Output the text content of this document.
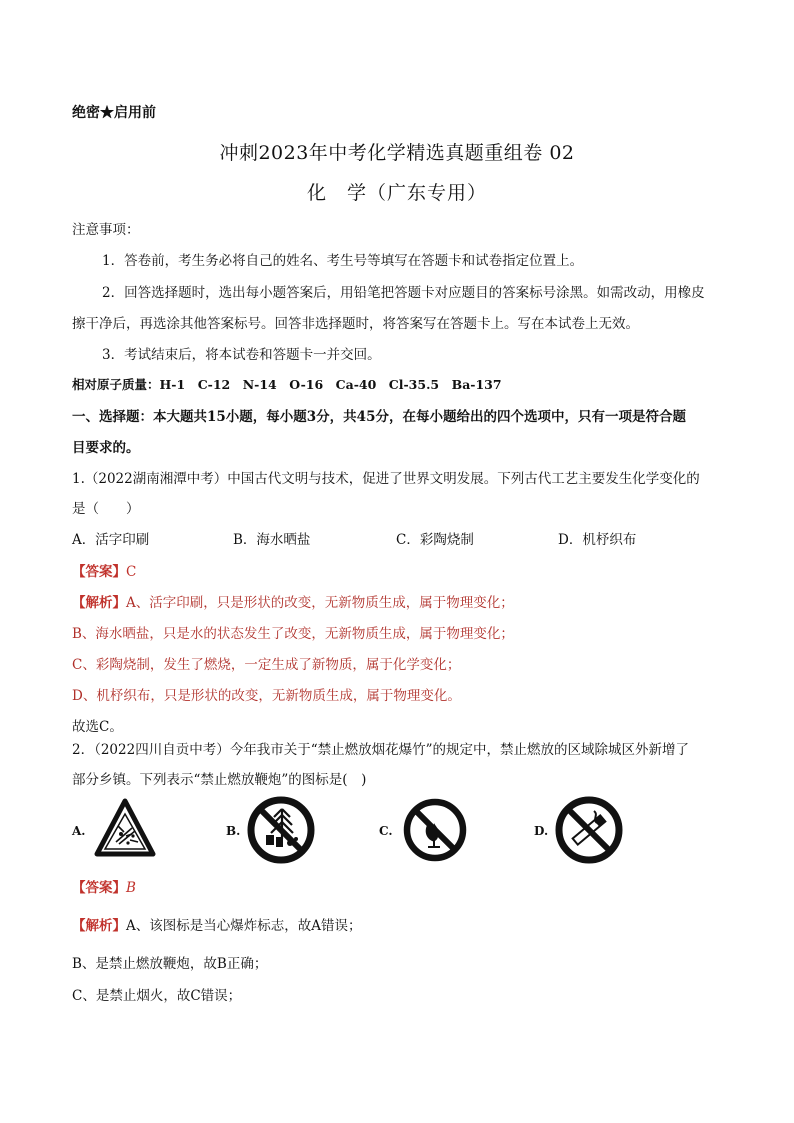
绝密★启用前
冲刺2023年中考化学精选真题重组卷 02
化　学（广东专用）
注意事项：
1．答卷前，考生务必将自己的姓名、考生号等填写在答题卡和试卷指定位置上。
2．回答选择题时，选出每小题答案后，用铅笔把答题卡对应题目的答案标号涂黑。如需改动，用橡皮
擦干净后，再选涂其他答案标号。回答非选择题时，将答案写在答题卡上。写在本试卷上无效。
3．考试结束后，将本试卷和答题卡一并交回。
相对原子质量：H-1　C-12　N-14　O-16　Ca-40　Cl-35.5　Ba-137
一、选择题：本大题共15小题，每小题3分，共45分，在每小题给出的四个选项中，只有一项是符合题
目要求的。
1.（2022湖南湘潭中考）中国古代文明与技术，促进了世界文明发展。下列古代工艺主要发生化学变化的
是（　　）
A．活字印刷	B．海水晒盐	C．彩陶烧制	D．机杼织布
【答案】C
【解析】A、活字印刷，只是形状的改变，无新物质生成，属于物理变化；
B、海水晒盐，只是水的状态发生了改变，无新物质生成，属于物理变化；
C、彩陶烧制，发生了燃烧，一定生成了新物质，属于化学变化；
D、机杼织布，只是形状的改变，无新物质生成，属于物理变化。
故选C。
2．（2022四川自贡中考）今年我市关于“禁止燃放烟花爆竹”的规定中，禁止燃放的区域除城区外新增了
部分乡镇。下列表示“禁止燃放鞭炮”的图标是(　)
A.	B.	C.	D.
【答案】B
【解析】A、该图标是当心爆炸标志，故A错误；
B、是禁止燃放鞭炮，故B正确；
C、是禁止烟火，故C错误；
